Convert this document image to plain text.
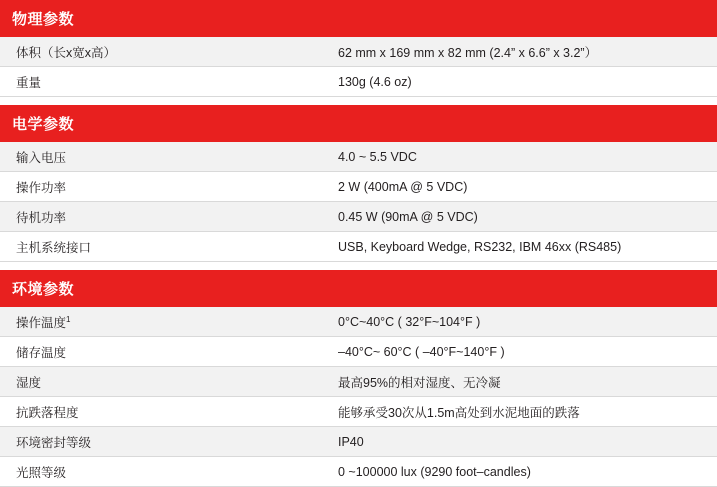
物理参数	
体积（长x宽x高）	62 mm x 169 mm x 82 mm (2.4” x 6.6” x 3.2”）
重量	130g (4.6 oz)

电学参数	
输入电压	4.0 ~ 5.5 VDC
操作功率	2 W (400mA @ 5 VDC)
待机功率	0.45 W (90mA @ 5 VDC)
主机系统接口	USB, Keyboard Wedge, RS232, IBM 46xx (RS485)

环境参数	
操作温度$^1$	0°C~40°C ( 32°F~104°F )
储存温度	–40°C~ 60°C ( –40°F~140°F )
湿度	最高95%的相对湿度、无冷凝
抗跌落程度	能够承受30次从1.5m高处到水泥地面的跌落
环境密封等级	IP40
光照等级	0 ~100000 lux (9290 foot–candles)
